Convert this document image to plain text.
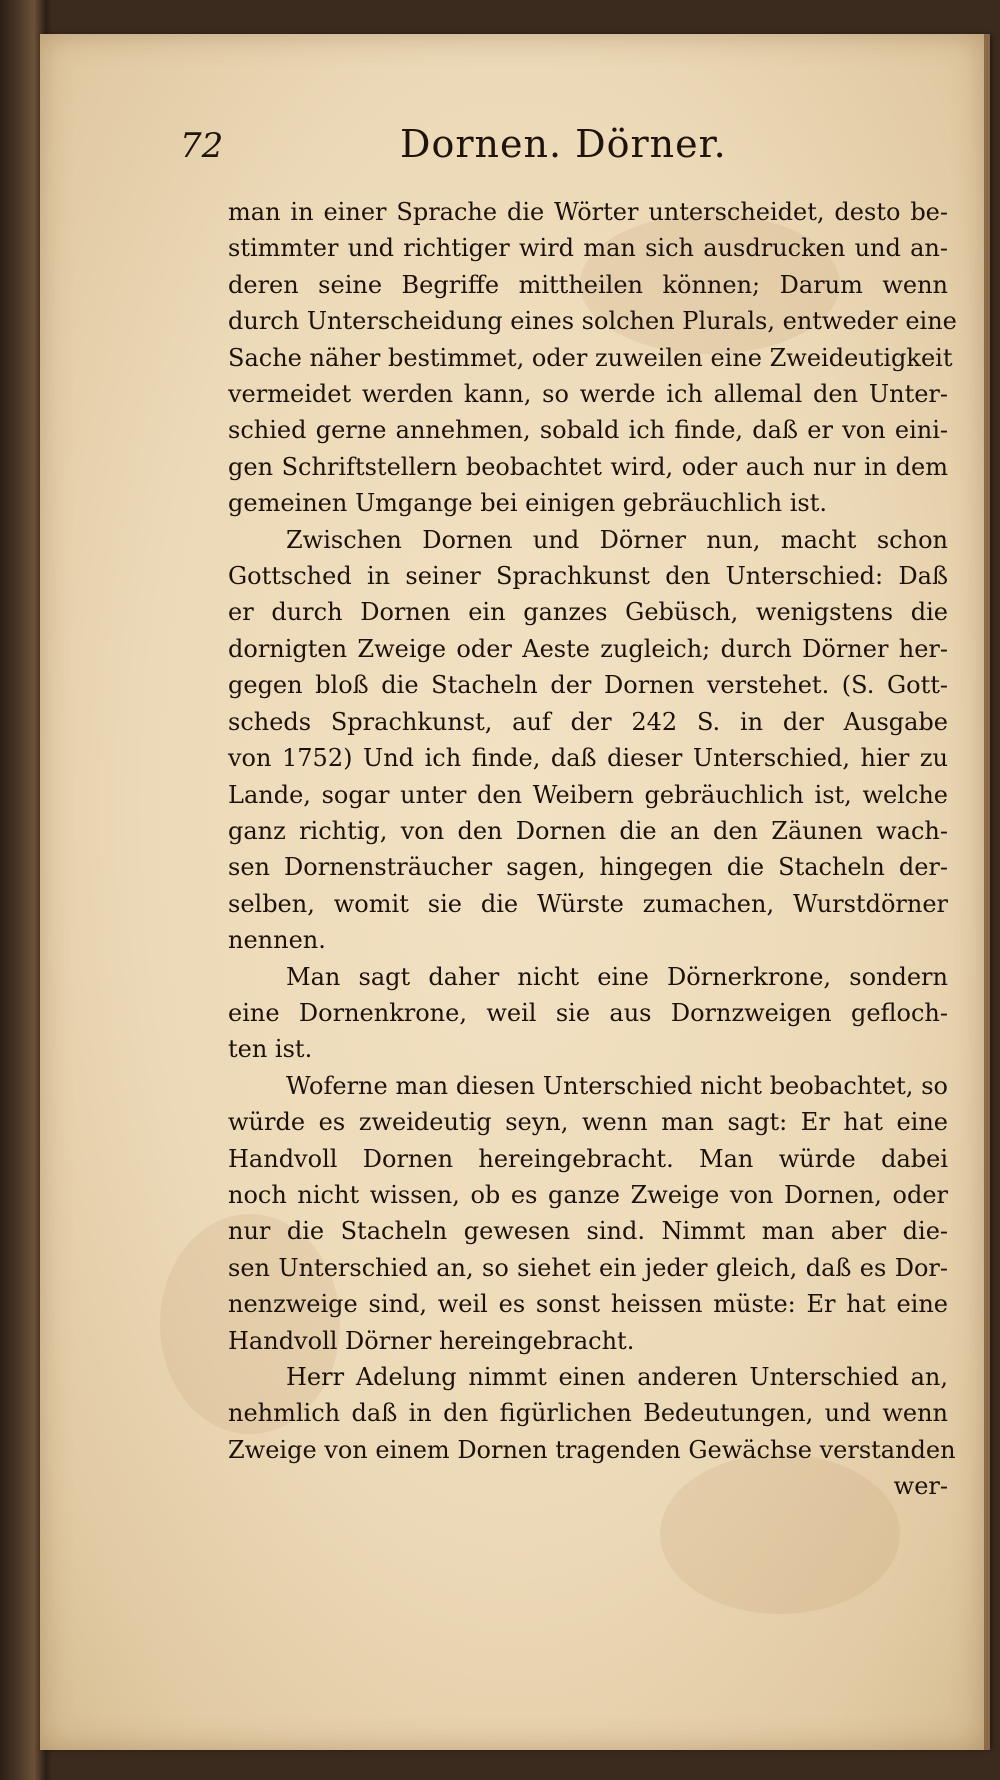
72	Dornen. Dörner.
man in einer Sprache die Wörter unterscheidet, desto be-
stimmter und richtiger wird man sich ausdrucken und an-
deren seine Begriffe mittheilen können; Darum wenn
durch Unterscheidung eines solchen Plurals, entweder eine
Sache näher bestimmet, oder zuweilen eine Zweideutigkeit
vermeidet werden kann, so werde ich allemal den Unter-
schied gerne annehmen, sobald ich finde, daß er von eini-
gen Schriftstellern beobachtet wird, oder auch nur in dem
gemeinen Umgange bei einigen gebräuchlich ist.
Zwischen Dornen und Dörner nun, macht schon
Gottsched in seiner Sprachkunst den Unterschied: Daß
er durch Dornen ein ganzes Gebüsch, wenigstens die
dornigten Zweige oder Aeste zugleich; durch Dörner her-
gegen bloß die Stacheln der Dornen verstehet. (S. Gott-
scheds Sprachkunst, auf der 242 S. in der Ausgabe
von 1752) Und ich finde, daß dieser Unterschied, hier zu
Lande, sogar unter den Weibern gebräuchlich ist, welche
ganz richtig, von den Dornen die an den Zäunen wach-
sen Dornensträucher sagen, hingegen die Stacheln der-
selben, womit sie die Würste zumachen, Wurstdörner
nennen.
Man sagt daher nicht eine Dörnerkrone, sondern
eine Dornenkrone, weil sie aus Dornzweigen gefloch-
ten ist.
Woferne man diesen Unterschied nicht beobachtet, so
würde es zweideutig seyn, wenn man sagt: Er hat eine
Handvoll Dornen hereingebracht. Man würde dabei
noch nicht wissen, ob es ganze Zweige von Dornen, oder
nur die Stacheln gewesen sind. Nimmt man aber die-
sen Unterschied an, so siehet ein jeder gleich, daß es Dor-
nenzweige sind, weil es sonst heissen müste: Er hat eine
Handvoll Dörner hereingebracht.
Herr Adelung nimmt einen anderen Unterschied an,
nehmlich daß in den figürlichen Bedeutungen, und wenn
Zweige von einem Dornen tragenden Gewächse verstanden
wer-
